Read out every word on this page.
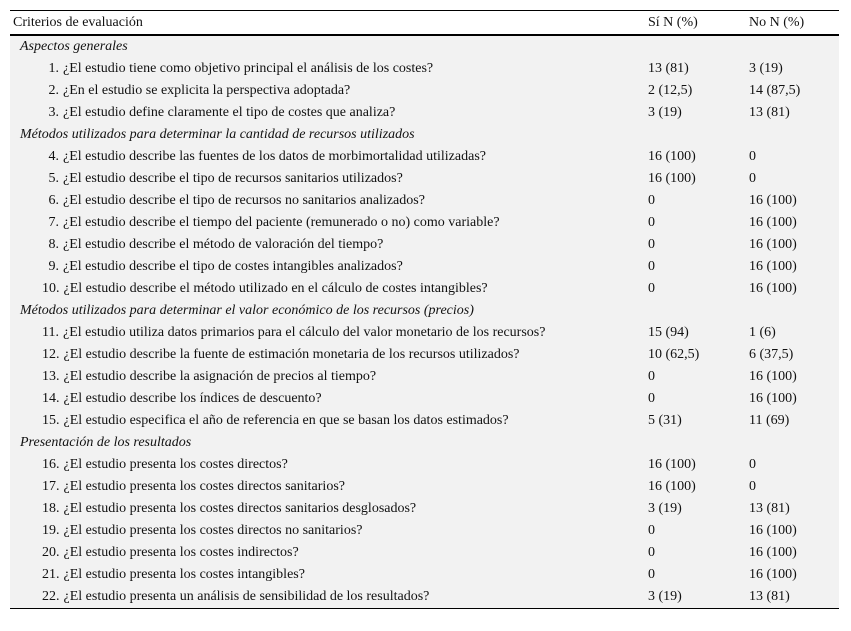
Criterios de evaluación	Sí N (%)	No N (%)
Aspectos generales		
1. ¿El estudio tiene como objetivo principal el análisis de los costes?	13 (81)	3 (19)
2. ¿En el estudio se explicita la perspectiva adoptada?	2 (12,5)	14 (87,5)
3. ¿El estudio define claramente el tipo de costes que analiza?	3 (19)	13 (81)
Métodos utilizados para determinar la cantidad de recursos utilizados		
4. ¿El estudio describe las fuentes de los datos de morbimortalidad utilizadas?	16 (100)	0
5. ¿El estudio describe el tipo de recursos sanitarios utilizados?	16 (100)	0
6. ¿El estudio describe el tipo de recursos no sanitarios analizados?	0	16 (100)
7. ¿El estudio describe el tiempo del paciente (remunerado o no) como variable?	0	16 (100)
8. ¿El estudio describe el método de valoración del tiempo?	0	16 (100)
9. ¿El estudio describe el tipo de costes intangibles analizados?	0	16 (100)
10. ¿El estudio describe el método utilizado en el cálculo de costes intangibles?	0	16 (100)
Métodos utilizados para determinar el valor económico de los recursos (precios)		
11. ¿El estudio utiliza datos primarios para el cálculo del valor monetario de los recursos?	15 (94)	1 (6)
12. ¿El estudio describe la fuente de estimación monetaria de los recursos utilizados?	10 (62,5)	6 (37,5)
13. ¿El estudio describe la asignación de precios al tiempo?	0	16 (100)
14. ¿El estudio describe los índices de descuento?	0	16 (100)
15. ¿El estudio especifica el año de referencia en que se basan los datos estimados?	5 (31)	11 (69)
Presentación de los resultados		
16. ¿El estudio presenta los costes directos?	16 (100)	0
17. ¿El estudio presenta los costes directos sanitarios?	16 (100)	0
18. ¿El estudio presenta los costes directos sanitarios desglosados?	3 (19)	13 (81)
19. ¿El estudio presenta los costes directos no sanitarios?	0	16 (100)
20. ¿El estudio presenta los costes indirectos?	0	16 (100)
21. ¿El estudio presenta los costes intangibles?	0	16 (100)
22. ¿El estudio presenta un análisis de sensibilidad de los resultados?	3 (19)	13 (81)
